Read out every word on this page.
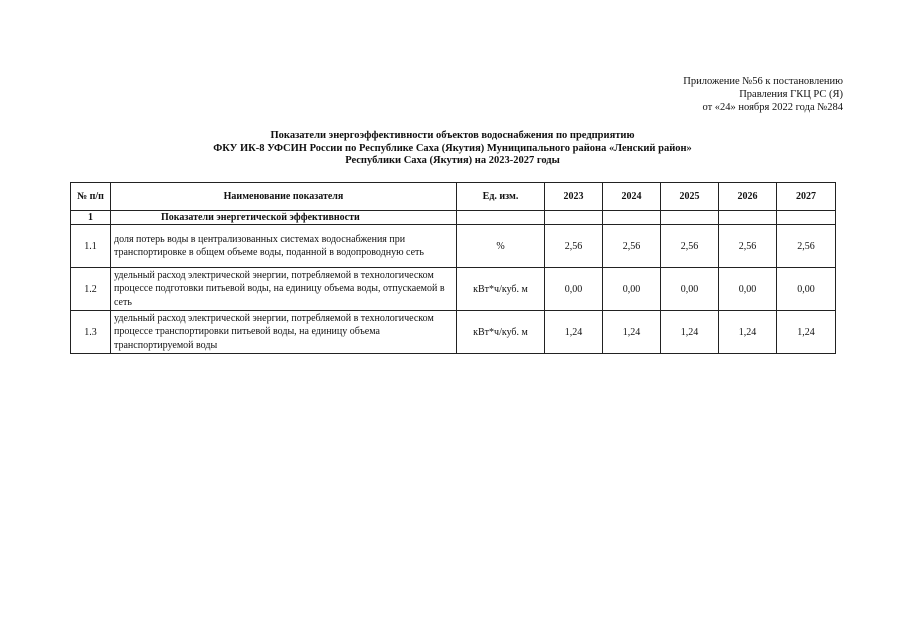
Приложение №56 к постановлению
Правления ГКЦ РС (Я)
от «24» ноября 2022 года №284
Показатели энергоэффективности объектов водоснабжения по предприятию
ФКУ ИК-8 УФСИН России по Республике Саха (Якутия) Муниципального района «Ленский район»
Республики Саха (Якутия) на 2023-2027 годы
№ п/п	Наименование показателя	Ед. изм.	2023	2024	2025	2026	2027
1	Показатели энергетической эффективности						
1.1	доля потерь воды в централизованных системах водоснабжения при транспортировке в общем объеме воды, поданной в водопроводную сеть	%	2,56	2,56	2,56	2,56	2,56
1.2	удельный расход электрической энергии, потребляемой в технологическом процессе подготовки питьевой воды, на единицу объема воды, отпускаемой в сеть	кВт*ч/куб. м	0,00	0,00	0,00	0,00	0,00
1.3	удельный расход электрической энергии, потребляемой в технологическом процессе транспортировки питьевой воды, на единицу объема транспортируемой воды	кВт*ч/куб. м	1,24	1,24	1,24	1,24	1,24
